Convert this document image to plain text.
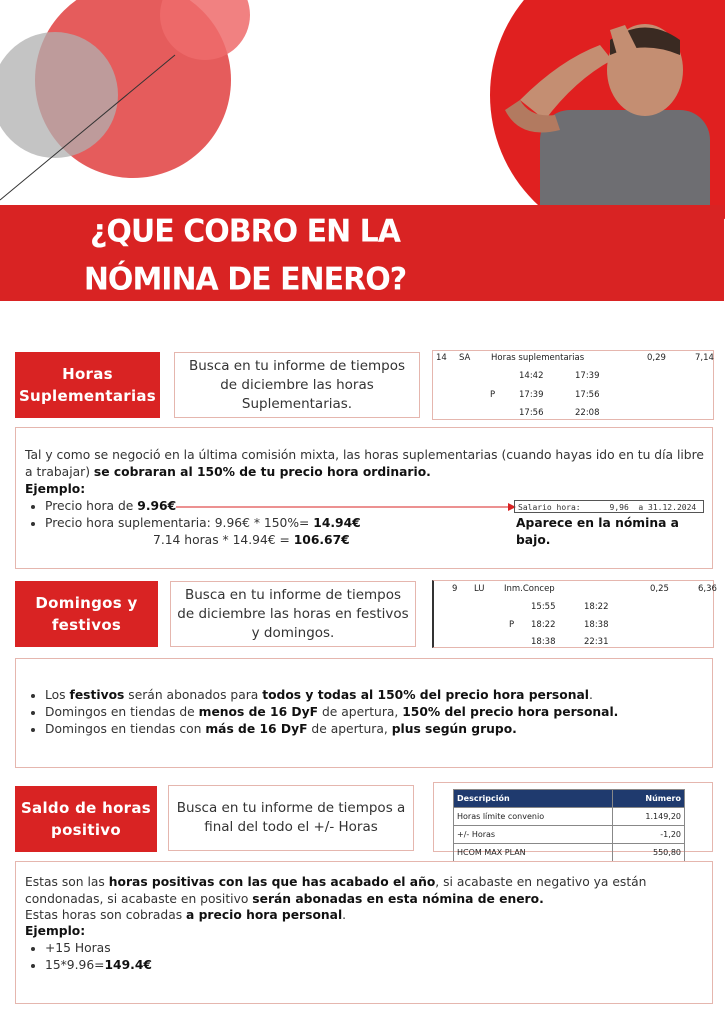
¿QUE COBRO EN LA NÓMINA DE ENERO?
Horas Suplementarias
Busca en tu informe de tiempos de diciembre las horas Suplementarias.
14 SA Horas suplementarias	0,29	7,14
14:42	17:39
P	17:39	17:56
17:56	22:08
Tal y como se negoció en la última comisión mixta, las horas suplementarias (cuando hayas ido en tu día libre a trabajar) se cobraran al 150% de tu precio hora ordinario.
Ejemplo:
• Precio hora de 9.96€
• Precio hora suplementaria: 9.96€ * 150%= 14.94€
7.14 horas * 14.94€ = 106.67€
Salario hora:      9,96  a 31.12.2024
Aparece en la nómina a bajo.
Domingos y festivos
Busca en tu informe de tiempos de diciembre las horas en festivos y domingos.
9 LU Inm.Concep	0,25	6,36
15:55	18:22
P 18:22	18:38
18:38	22:31
• Los festivos serán abonados para todos y todas al 150% del precio hora personal.
• Domingos en tiendas de menos de 16 DyF de apertura, 150% del precio hora personal.
• Domingos en tiendas con más de 16 DyF de apertura, plus según grupo.
Saldo de horas positivo
Busca en tu informe de tiempos a final del todo el +/- Horas
Descripción	Número
Horas límite convenio	1.149,20
+/- Horas	-1,20
HCOM MAX PLAN	550,80
Estas son las horas positivas con las que has acabado el año, si acabaste en negativo ya están condonadas, si acabaste en positivo serán abonadas en esta nómina de enero.
Estas horas son cobradas a precio hora personal.
Ejemplo:
• +15 Horas
• 15*9.96=149.4€
